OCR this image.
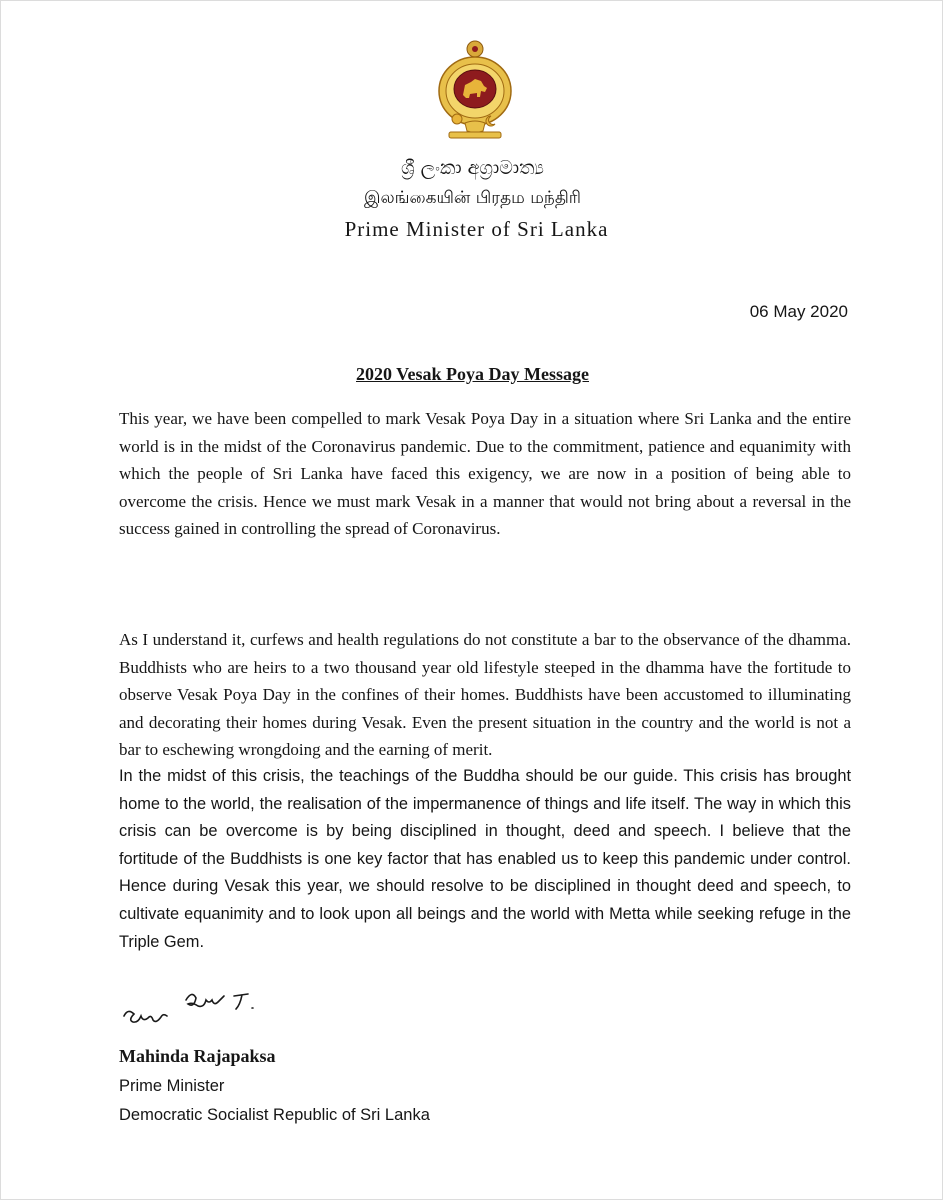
ශ්‍රී ලංකා අග්‍රාමාත්‍ය
இலங்கையின் பிரதம மந்திரி
Prime Minister of Sri Lanka
06 May 2020
2020 Vesak Poya Day Message

This year, we have been compelled to mark Vesak Poya Day in a situation where Sri Lanka and the entire world is in the midst of the Coronavirus pandemic. Due to the commitment, patience and equanimity with which the people of Sri Lanka have faced this exigency, we are now in a position of being able to overcome the crisis. Hence we must mark Vesak in a manner that would not bring about a reversal in the success gained in controlling the spread of Coronavirus.

As I understand it, curfews and health regulations do not constitute a bar to the observance of the dhamma. Buddhists who are heirs to a two thousand year old lifestyle steeped in the dhamma have the fortitude to observe Vesak Poya Day in the confines of their homes. Buddhists have been accustomed to illuminating and decorating their homes during Vesak. Even the present situation in the country and the world is not a bar to eschewing wrongdoing and the earning of merit.

In the midst of this crisis, the teachings of the Buddha should be our guide. This crisis has brought home to the world, the realisation of the impermanence of things and life itself. The way in which this crisis can be overcome is by being disciplined in thought, deed and speech. I believe that the fortitude of the Buddhists is one key factor that has enabled us to keep this pandemic under control. Hence during Vesak this year, we should resolve to be disciplined in thought deed and speech, to cultivate equanimity and to look upon all beings and the world with Metta while seeking refuge in the Triple Gem.

Mahinda Rajapaksa
Prime Minister
Democratic Socialist Republic of Sri Lanka
